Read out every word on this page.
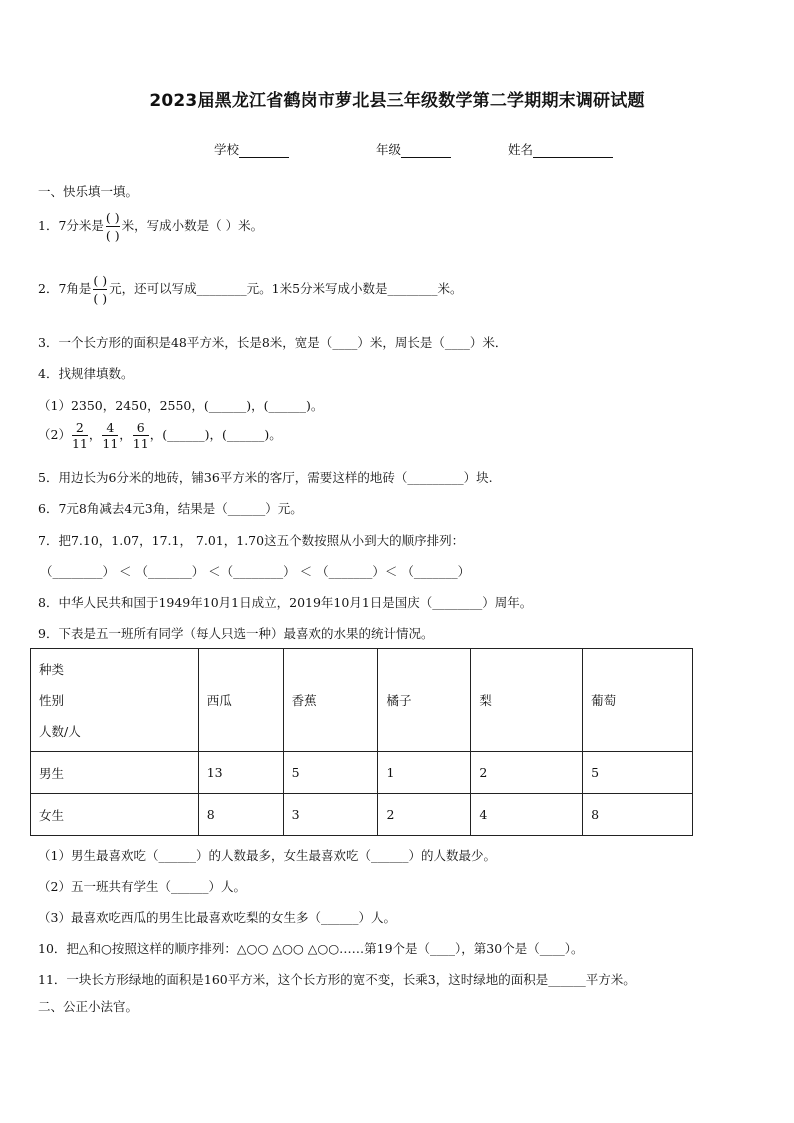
2023届黑龙江省鹤岗市萝北县三年级数学第二学期期末调研试题
学校	年级	姓名
一、快乐填一填。
1．7分米是 $\frac{( )}{( )}$ 米，写成小数是（ ）米。
2．7角是 $\frac{( )}{( )}$ 元，还可以写成________元。1米5分米写成小数是________米。
3．一个长方形的面积是48平方米，长是8米，宽是（____）米，周长是（____）米．
4．找规律填数。
（1）2350，2450，2550，(______)，(______)。
$(2) \frac{2}{11}$ ， $\frac{4}{11}$ ， $\frac{6}{11}$ ，(______)，(______)。
5．用边长为6分米的地砖，铺36平方米的客厅，需要这样的地砖（_________）块.
6．7元8角减去4元3角，结果是（______）元。
7．把7.10，1.07，17.1， 7.01，1.70这五个数按照从小到大的顺序排列：
（________） ＜ （_______） ＜（________） ＜ （_______）＜ （_______）
8．中华人民共和国于1949年10月1日成立，2019年10月1日是国庆（________）周年。
9．下表是五一班所有同学（每人只选一种）最喜欢的水果的统计情况。
种类
性别
人数/人	西瓜	香蕉	橘子	梨	葡萄
男生	13	5	1	2	5
女生	8	3	2	4	8
（1）男生最喜欢吃（______）的人数最多，女生最喜欢吃（______）的人数最少。
（2）五一班共有学生（______）人。
（3）最喜欢吃西瓜的男生比最喜欢吃梨的女生多（______）人。
10．把△和○按照这样的顺序排列：△○○ △○○ △○○……第19个是（____），第30个是（____）。
11．一块长方形绿地的面积是160平方米，这个长方形的宽不变，长乘3，这时绿地的面积是______平方米。
二、公正小法官。
